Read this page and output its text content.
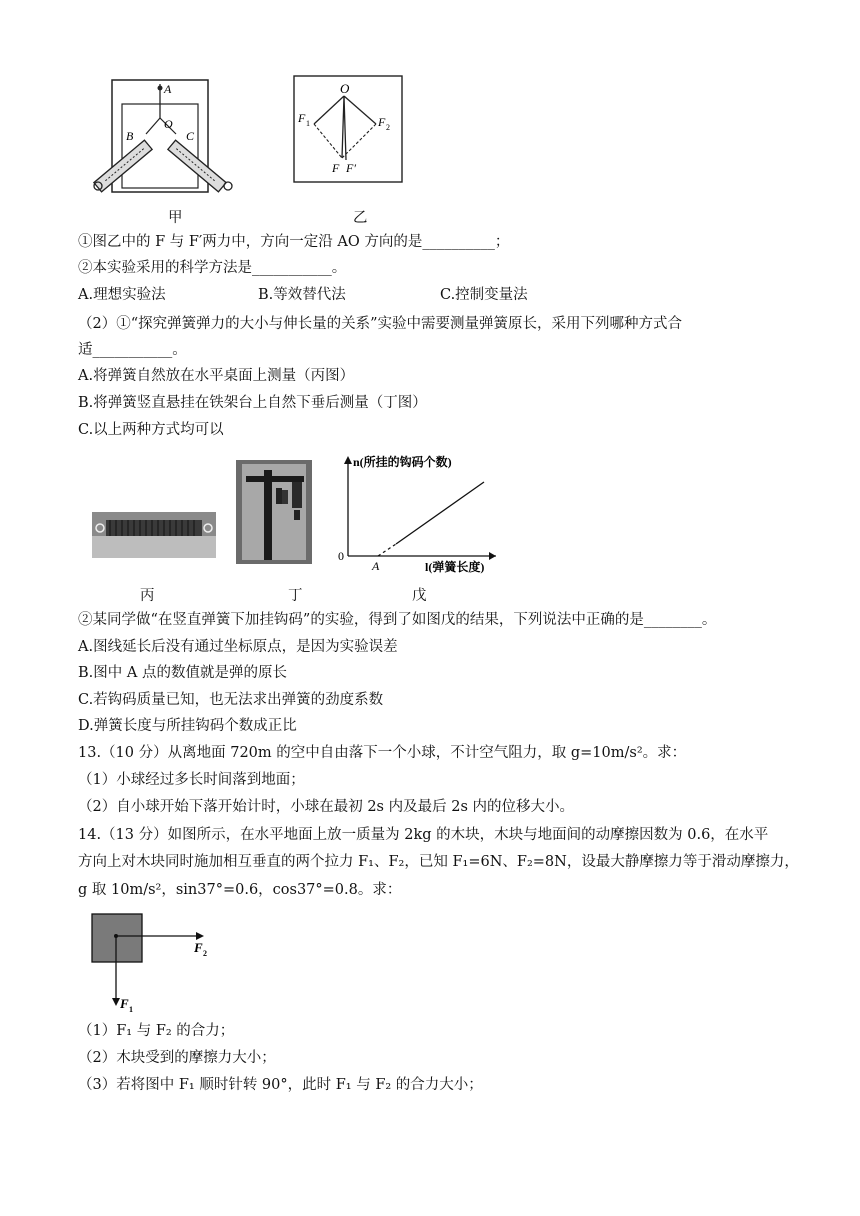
A
O
B	C
甲
O
F 1	F 2
F F′
乙
①图乙中的 F 与 F′两力中，方向一定沿 AO 方向的是__________；
②本实验采用的科学方法是___________。
A.理想实验法	B.等效替代法	C.控制变量法
（2）①“探究弹簧弹力的大小与伸长量的关系”实验中需要测量弹簧原长，采用下列哪种方式合
适___________。
A.将弹簧自然放在水平桌面上测量（丙图）
B.将弹簧竖直悬挂在铁架台上自然下垂后测量（丁图）
C.以上两种方式均可以
丙	丁
n(所挂的钩码个数)
l(弹簧长度)
0
A
戊
②某同学做“在竖直弹簧下加挂钩码”的实验，得到了如图戊的结果，下列说法中正确的是________。
A.图线延长后没有通过坐标原点，是因为实验误差
B.图中 A 点的数值就是弹的原长
C.若钩码质量已知，也无法求出弹簧的劲度系数
D.弹簧长度与所挂钩码个数成正比
13.（10 分）从离地面 720m 的空中自由落下一个小球，不计空气阻力，取 g=10m/s²。求：
（1）小球经过多长时间落到地面；
（2）自小球开始下落开始计时，小球在最初 2s 内及最后 2s 内的位移大小。
14.（13 分）如图所示，在水平地面上放一质量为 2kg 的木块，木块与地面间的动摩擦因数为 0.6，在水平
方向上对木块同时施加相互垂直的两个拉力 F₁、F₂，已知 F₁=6N、F₂=8N，设最大静摩擦力等于滑动摩擦力，
g 取 10m/s²，sin37°=0.6，cos37°=0.8。求：
F 2
F 1
（1）F₁ 与 F₂ 的合力；
（2）木块受到的摩擦力大小；
（3）若将图中 F₁ 顺时针转 90°，此时 F₁ 与 F₂ 的合力大小；
